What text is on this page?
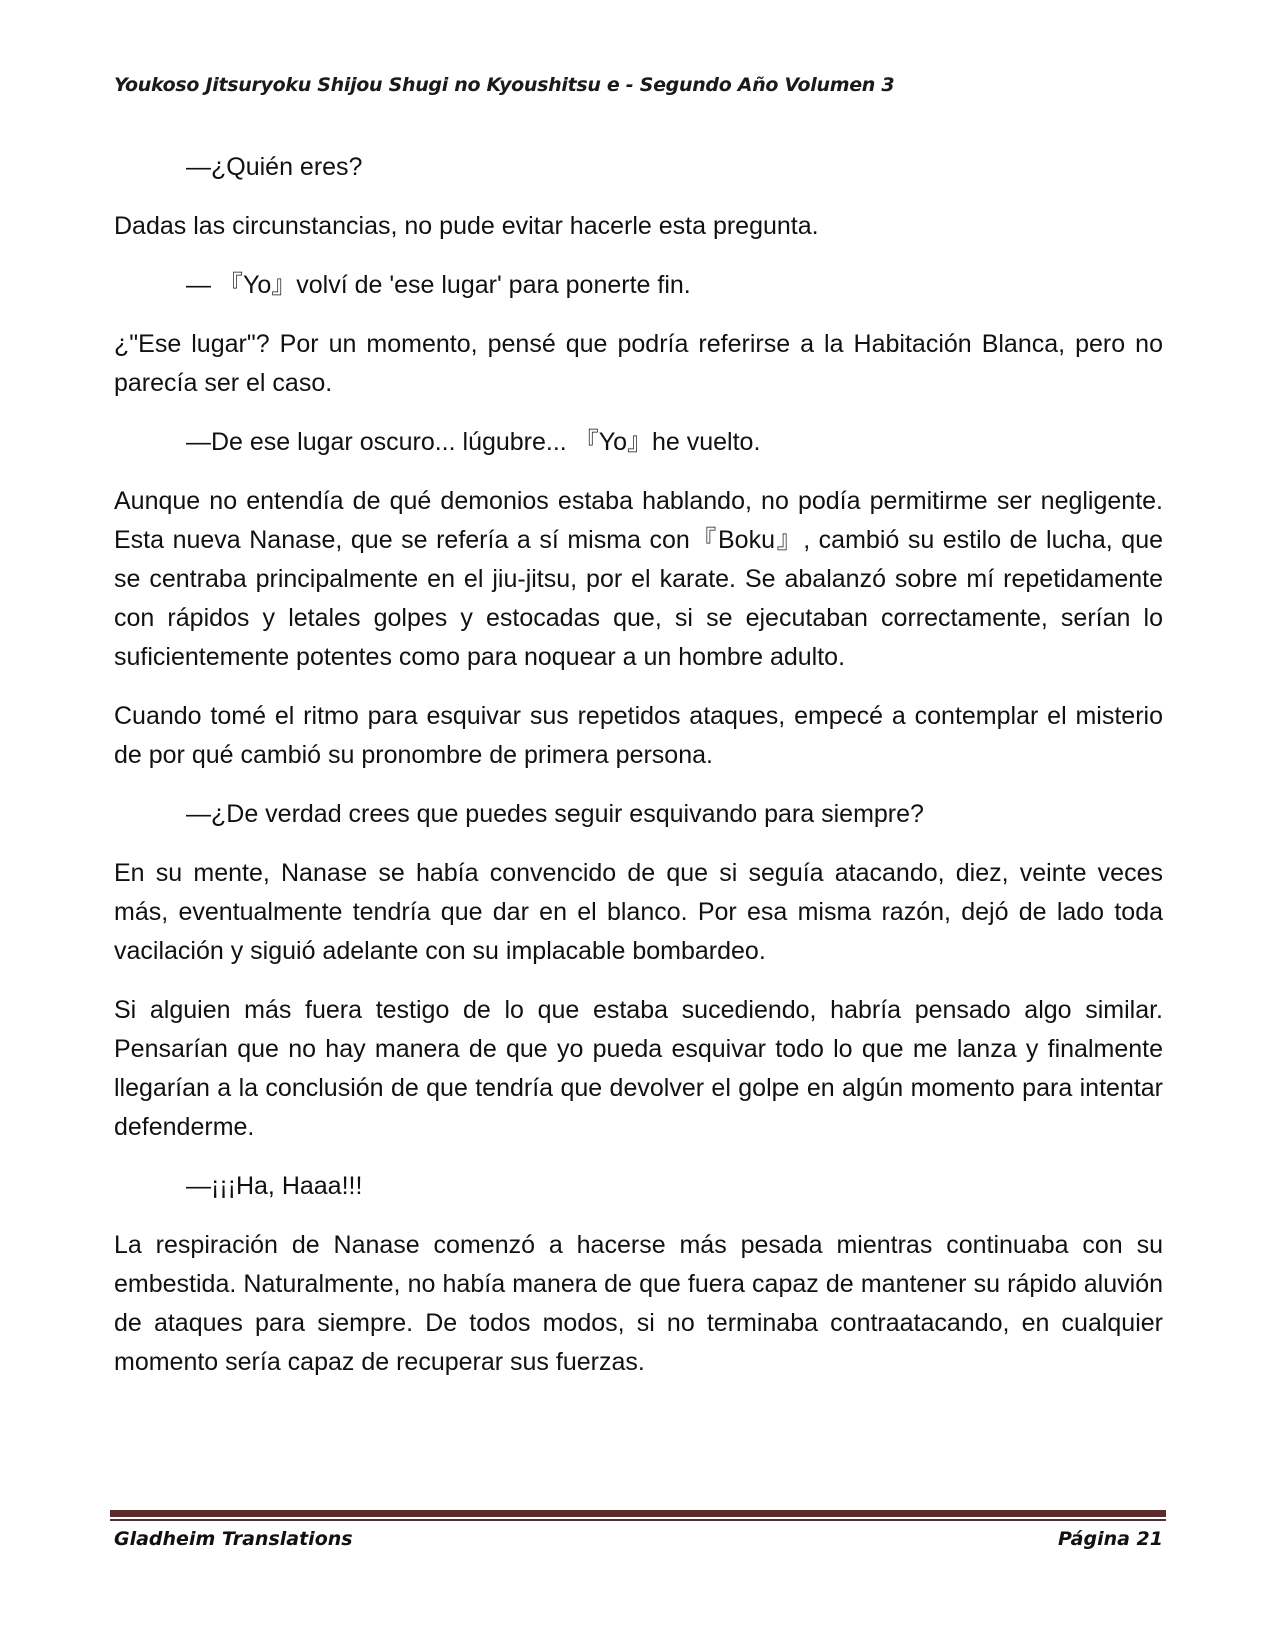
Youkoso Jitsuryoku Shijou Shugi no Kyoushitsu e - Segundo Año Volumen 3

—¿Quién eres?

Dadas las circunstancias, no pude evitar hacerle esta pregunta.

— 『Yo』volví de 'ese lugar' para ponerte fin.

¿"Ese lugar"? Por un momento, pensé que podría referirse a la Habitación Blanca, pero no parecía ser el caso.

—De ese lugar oscuro... lúgubre... 『Yo』he vuelto.

Aunque no entendía de qué demonios estaba hablando, no podía permitirme ser negligente. Esta nueva Nanase, que se refería a sí misma con『Boku』, cambió su estilo de lucha, que se centraba principalmente en el jiu-jitsu, por el karate. Se abalanzó sobre mí repetidamente con rápidos y letales golpes y estocadas que, si se ejecutaban correctamente, serían lo suficientemente potentes como para noquear a un hombre adulto.

Cuando tomé el ritmo para esquivar sus repetidos ataques, empecé a contemplar el misterio de por qué cambió su pronombre de primera persona.

—¿De verdad crees que puedes seguir esquivando para siempre?

En su mente, Nanase se había convencido de que si seguía atacando, diez, veinte veces más, eventualmente tendría que dar en el blanco. Por esa misma razón, dejó de lado toda vacilación y siguió adelante con su implacable bombardeo.

Si alguien más fuera testigo de lo que estaba sucediendo, habría pensado algo similar. Pensarían que no hay manera de que yo pueda esquivar todo lo que me lanza y finalmente llegarían a la conclusión de que tendría que devolver el golpe en algún momento para intentar defenderme.

—¡¡¡Ha, Haaa!!!

La respiración de Nanase comenzó a hacerse más pesada mientras continuaba con su embestida. Naturalmente, no había manera de que fuera capaz de mantener su rápido aluvión de ataques para siempre. De todos modos, si no terminaba contraatacando, en cualquier momento sería capaz de recuperar sus fuerzas.

Gladheim Translations	Página 21
